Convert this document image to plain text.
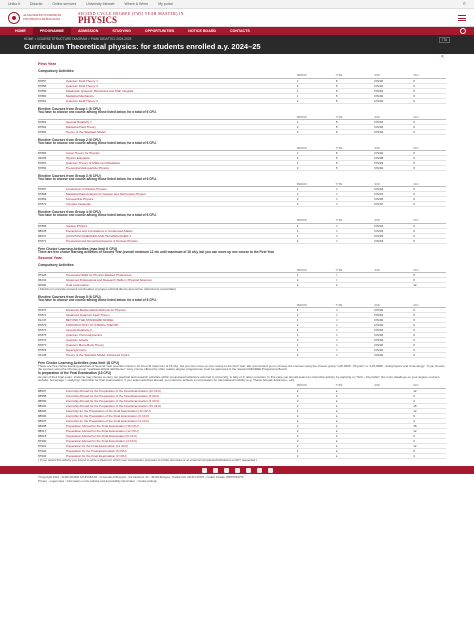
Unibo.it	Didactic	Online services	University Intranet	Where & When	My portal	IT
ALMA MATER STUDIORUM UNIVERSITÀ DI BOLOGNA
SECOND CYCLE DEGREE (TWO YEAR MASTER) IN
PHYSICS
HOME	PROGRAMME	ADMISSION	STUDYING	OPPORTUNITIES	NOTICE BOARD	CONTACTS
HOME > COURSE STRUCTURE DIAGRAM > PIANI DIDATTICI 2024-2025	ITA
Curriculum Theoretical physics: for students enrolled a.y. 2024–25
<
First Year
Compulsory Activities
		PERIOD	TYPE	SSD	CFU
87857	Quantum Field Theory 1	1	B	FIS/02	6
87858	Quantum Field Theory 2	2	B	FIS/02	6
87859	Relativistic Quantum Mechanics and Path Integrals	1	B	FIS/02	6
87860	Statistical Mechanics	1	B	FIS/02	6
87861	Quantum Field Theory 3	2	B	FIS/02	6
Elective Courses from Group 1 (6 CFU)
You have to choose one course among those listed below, for a total of 6 CFU.
		PERIOD	TYPE	SSD	CFU
87863	General Relativity 1	1	B	FIS/02	6
87862	Statistical Field Theory	2	B	FIS/02	6
87864	Theory of the Standard Model	2	B	FIS/02	6
Elective Courses from Group 2 (6 CFU)
You have to choose one course among those listed below, for a total of 6 CFU.
		PERIOD	TYPE	SSD	CFU
87866	Group Theory for Physics	1	B	FIS/02	6
92605	Physics Education	2	B	FIS/08	6
87851	Quantum Theory of Matter and Radiation	1	B	FIS/03	6
87854	Theoretical Astroparticle Physics	2	B	FIS/02	6
Elective Courses from Group 3 (6 CFU)
You have to choose one course among those listed below, for a total of 6 CFU.
		PERIOD	TYPE	SSD	CFU
87867	Introduction to Particle Physics	1	C	FIS/04	6
87868	Statistical Data Analysis for Nuclear and Subnuclear Physics	2	C	FIS/01	6
87869	Astroparticle Physics	2	C	FIS/05	6
87870	Complex Networks	2	C	FIS/07	6
Elective Courses from Group 4 (6 CFU)
You have to choose one course among those listed below, for a total of 6 CFU.
		PERIOD	TYPE	SSD	CFU
87865	Nuclear Physics	1	C	FIS/04	6
88035	Interactions and Correlations in Condensed Matter	1	C	FIS/03	6
86547	QUANTUM SCIENCES AND TECHNOLOGIES 1	1	C	FIS/03	6
87871	Theoretical and Numerical Aspects of Nuclear Physics	2	C	FIS/04	6
Free Choice Learning Activities (max limit 6 CFU)
There are free choice learning activities of Second Year (overall minimum 12 cfu until maximum of 18 cfu), but you can move up one course to the First Year
Second Year
Compulsory Activities
		PERIOD	TYPE	SSD	CFU
87928	Theoretical Skills for Physics-Related Professions	2	F		6
95232	Advanced Professional and Research Skills in Physical Sciences	2	F		6
00500	Final examination	2	E		12
( Attività non previste presenti continuativo al gruppo (Attività libere) al percorso dell'esterno concordato)
Elective Courses from Group 5 (6 CFU)
You have to choose one course among those listed below, for a total of 6 CFU.
		PERIOD	TYPE	SSD	CFU
87870	Advanced Mathematical Methods for Physics	1	C	FIS/02	6
87871	Advanced Quantum Field Theory	2	C	FIS/02	6
81247	BEYOND THE STANDARD MODEL	1	C	FIS/02	6
87873	INTRODUCTION TO STRING THEORY	2	C	FIS/02	6
87874	General Relativity 2	1	C	FIS/02	6
87875	Quantum Chromodynamics	1	C	FIS/02	6
87876	Quantum Gravity	2	C	FIS/02	6
87877	Quantum Many-Body Theory	1	C	FIS/02	6
87878	Supersymmetry	1	C	FIS/02	6
93138	Theory of the Standard Model: Advanced Topics	2	C	FIS/02	6
Free Choice Learning Activities (max limit 18 CFU)
These are free choice learning activities of Second Year (overall minimum 12 cfu until maximum of 18 cfu), but you can move up one course to the First Year. We recommend you to choose the courses using the choose group "LdS 9265 - Physics" or "LdS 9828 - Astrophysics and Cosmology". If you choose the courses using the Choose group "qualsiasi attività dell'Ateneo" carry course offered by other master degree programmes must be approved of the relevant DEGREE Programme Board.
In preparation of the Final Examination (15 CFU)
As part of their final exam, students may choose to carry out practical and research activities within companies/institutions external to University, in Italy or in other countries. In this case you should select an internship activity, by applying on "SOL - Internship" (for more details go on your degree course's website: homepage > studying> internship for final examination). If you select activities abroad, you intend to achieve a computation for International mobility (e.g. Thesis Abroad, Erasmus+, etc).
		PERIOD	TYPE	SSD	CFU
88597	Internship Abroad for the Preparation of the Final Examination (12 CFU)	2	E		12
88598	Internship Abroad for the Preparation of the Final Examination (6 CFU)	2	E		6
88599	Internship Abroad for the Preparation of the Final Examination (3 CFU)	2	E		3
88600	Internship Abroad for the Preparation of the Final Examination (15 CFU)	2	E		15
88605	Internship for the Preparation of the Final Examination (12 CFU)	2	E		12
88606	Internship for the Preparation of the Final Examination (6 CFU)	2	E		6
88607	Internship for the Preparation of the Final Examination (3 CFU)	2	E		3
88608	Preparation Abroad for the Final Examination (15 CFU)	2	E		15
88617	Preparation Abroad for the Final Examination (12 CFU)	2	E		12
88618	Preparation Abroad for the Final Examination (6 CFU)	2	E		6
87900	Preparation Abroad for the Final Examination (3 CFU)	2	E		3
87901	Preparation for the Final Examination (12 CFU)	2	E		12
87902	Preparation for the Final Examination (6 CFU)	2	E		6
87903	Preparation for the Final Examination (3 CFU)	2	E		3
( If you select this activity you intend to write a thesis for which your commission proposes to Unibo premises or at external companies/institutions is NOT requested )
©Copyright 2024 - ALMA MATER STUDIORUM - Università di Bologna - Via Zamboni, 33 - 40126 Bologna - Partita IVA: 01131710376 - Codice Fiscale: 80007010376
Privacy - Legal notes - Information on the website and accessibility information - Cookie settings
